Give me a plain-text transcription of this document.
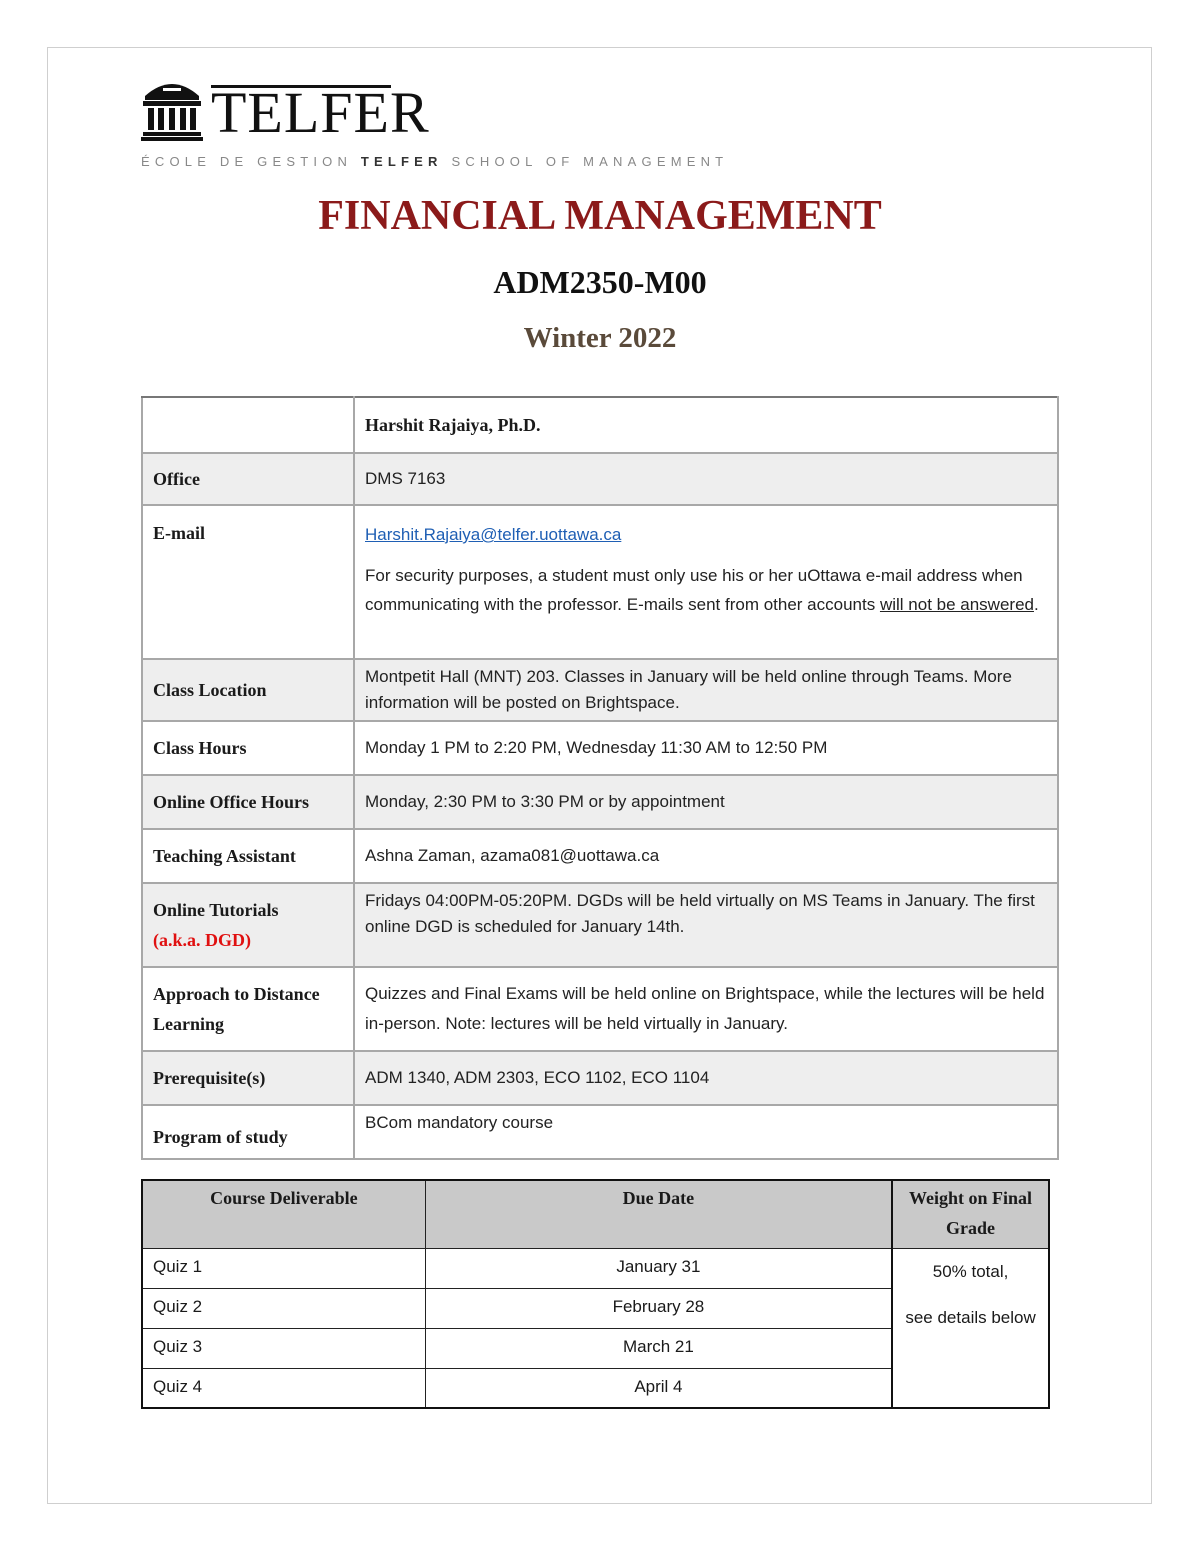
TELFER
ÉCOLE DE GESTION TELFER SCHOOL OF MANAGEMENT
FINANCIAL MANAGEMENT
ADM2350-M00
Winter 2022
	Harshit Rajaiya, Ph.D.
Office	DMS 7163
E-mail	Harshit.Rajaiya@telfer.uottawa.ca
For security purposes, a student must only use his or her uOttawa e-mail address when communicating with the professor. E-mails sent from other accounts will not be answered.

Class Location	Montpetit Hall (MNT) 203. Classes in January will be held online through Teams. More information will be posted on Brightspace.
Class Hours	Monday 1 PM to 2:20 PM, Wednesday 11:30 AM to 12:50 PM
Online Office Hours	Monday, 2:30 PM to 3:30 PM or by appointment
Teaching Assistant	Ashna Zaman, azama081@uottawa.ca

Online Tutorials
(a.k.a. DGD)	Fridays 04:00PM-05:20PM. DGDs will be held virtually on MS Teams in January. The first online DGD is scheduled for January 14th.
Approach to Distance Learning	Quizzes and Final Exams will be held online on Brightspace, while the lectures will be held in-person. Note: lectures will be held virtually in January.
Prerequisite(s)	ADM 1340, ADM 2303, ECO 1102, ECO 1104
Program of study	BCom mandatory course
Course Deliverable	Due Date	Weight on Final Grade
Quiz 1	January 31	50% total,
see details below

Quiz 2	February 28	
Quiz 3	March 21	
Quiz 4	April 4	
